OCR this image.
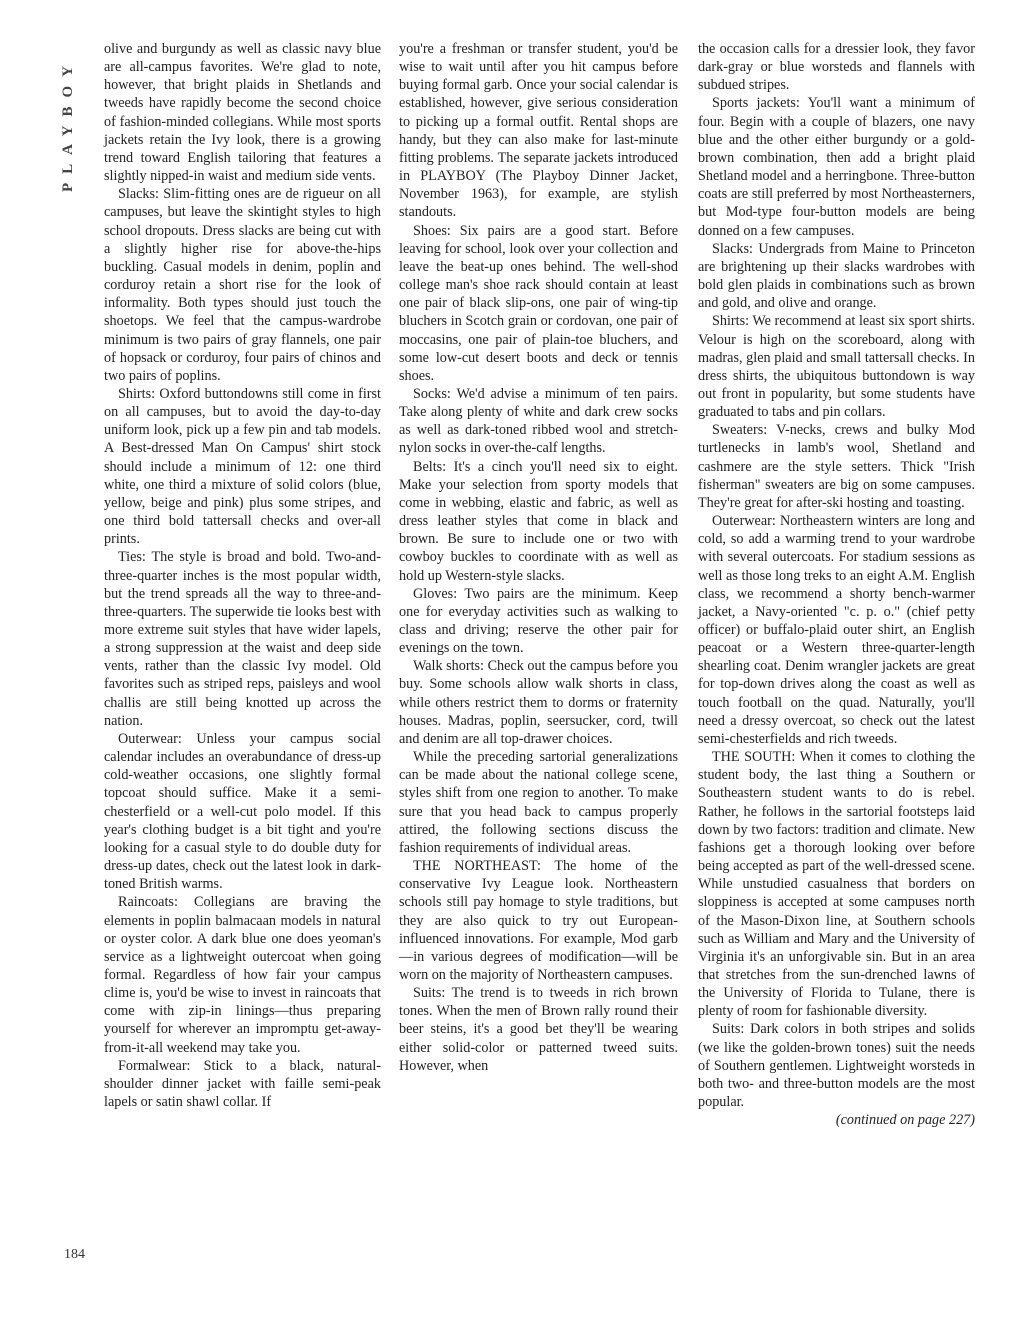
PLAYBOY

olive and burgundy as well as classic navy blue are all-campus favorites. We're glad to note, however, that bright plaids in Shetlands and tweeds have rapidly become the second choice of fashion-minded collegians. While most sports jackets retain the Ivy look, there is a growing trend toward English tailoring that features a slightly nipped-in waist and medium side vents.

Slacks: Slim-fitting ones are de rigueur on all campuses, but leave the skintight styles to high school dropouts. Dress slacks are being cut with a slightly higher rise for above-the-hips buckling. Casual models in denim, poplin and corduroy retain a short rise for the look of informality. Both types should just touch the shoetops. We feel that the campus-wardrobe minimum is two pairs of gray flannels, one pair of hopsack or corduroy, four pairs of chinos and two pairs of poplins.

Shirts: Oxford buttondowns still come in first on all campuses, but to avoid the day-to-day uniform look, pick up a few pin and tab models. A Best-dressed Man On Campus' shirt stock should include a minimum of 12: one third white, one third a mixture of solid colors (blue, yellow, beige and pink) plus some stripes, and one third bold tattersall checks and over-all prints.

Ties: The style is broad and bold. Two-and-three-quarter inches is the most popular width, but the trend spreads all the way to three-and-three-quarters. The superwide tie looks best with more extreme suit styles that have wider lapels, a strong suppression at the waist and deep side vents, rather than the classic Ivy model. Old favorites such as striped reps, paisleys and wool challis are still being knotted up across the nation.

Outerwear: Unless your campus social calendar includes an overabundance of dress-up cold-weather occasions, one slightly formal topcoat should suffice. Make it a semi-chesterfield or a well-cut polo model. If this year's clothing budget is a bit tight and you're looking for a casual style to do double duty for dress-up dates, check out the latest look in dark-toned British warms.

Raincoats: Collegians are braving the elements in poplin balmacaan models in natural or oyster color. A dark blue one does yeoman's service as a lightweight outercoat when going formal. Regardless of how fair your campus clime is, you'd be wise to invest in raincoats that come with zip-in linings—thus preparing yourself for wherever an impromptu get-away-from-it-all weekend may take you.

Formalwear: Stick to a black, natural-shoulder dinner jacket with faille semi-peak lapels or satin shawl collar. If

you're a freshman or transfer student, you'd be wise to wait until after you hit campus before buying formal garb. Once your social calendar is established, however, give serious consideration to picking up a formal outfit. Rental shops are handy, but they can also make for last-minute fitting problems. The separate jackets introduced in PLAYBOY (The Playboy Dinner Jacket, November 1963), for example, are stylish standouts.

Shoes: Six pairs are a good start. Before leaving for school, look over your collection and leave the beat-up ones behind. The well-shod college man's shoe rack should contain at least one pair of black slip-ons, one pair of wing-tip bluchers in Scotch grain or cordovan, one pair of moccasins, one pair of plain-toe bluchers, and some low-cut desert boots and deck or tennis shoes.

Socks: We'd advise a minimum of ten pairs. Take along plenty of white and dark crew socks as well as dark-toned ribbed wool and stretch-nylon socks in over-the-calf lengths.

Belts: It's a cinch you'll need six to eight. Make your selection from sporty models that come in webbing, elastic and fabric, as well as dress leather styles that come in black and brown. Be sure to include one or two with cowboy buckles to coordinate with as well as hold up Western-style slacks.

Gloves: Two pairs are the minimum. Keep one for everyday activities such as walking to class and driving; reserve the other pair for evenings on the town.

Walk shorts: Check out the campus before you buy. Some schools allow walk shorts in class, while others restrict them to dorms or fraternity houses. Madras, poplin, seersucker, cord, twill and denim are all top-drawer choices.

While the preceding sartorial generalizations can be made about the national college scene, styles shift from one region to another. To make sure that you head back to campus properly attired, the following sections discuss the fashion requirements of individual areas.

THE NORTHEAST: The home of the conservative Ivy League look. Northeastern schools still pay homage to style traditions, but they are also quick to try out European-influenced innovations. For example, Mod garb—in various degrees of modification—will be worn on the majority of Northeastern campuses.

Suits: The trend is to tweeds in rich brown tones. When the men of Brown rally round their beer steins, it's a good bet they'll be wearing either solid-color or patterned tweed suits. However, when

the occasion calls for a dressier look, they favor dark-gray or blue worsteds and flannels with subdued stripes.

Sports jackets: You'll want a minimum of four. Begin with a couple of blazers, one navy blue and the other either burgundy or a gold-brown combination, then add a bright plaid Shetland model and a herringbone. Three-button coats are still preferred by most Northeasterners, but Mod-type four-button models are being donned on a few campuses.

Slacks: Undergrads from Maine to Princeton are brightening up their slacks wardrobes with bold glen plaids in combinations such as brown and gold, and olive and orange.

Shirts: We recommend at least six sport shirts. Velour is high on the scoreboard, along with madras, glen plaid and small tattersall checks. In dress shirts, the ubiquitous buttondown is way out front in popularity, but some students have graduated to tabs and pin collars.

Sweaters: V-necks, crews and bulky Mod turtlenecks in lamb's wool, Shetland and cashmere are the style setters. Thick "Irish fisherman" sweaters are big on some campuses. They're great for after-ski hosting and toasting.

Outerwear: Northeastern winters are long and cold, so add a warming trend to your wardrobe with several outercoats. For stadium sessions as well as those long treks to an eight A.M. English class, we recommend a shorty bench-warmer jacket, a Navy-oriented "c. p. o." (chief petty officer) or buffalo-plaid outer shirt, an English peacoat or a Western three-quarter-length shearling coat. Denim wrangler jackets are great for top-down drives along the coast as well as touch football on the quad. Naturally, you'll need a dressy overcoat, so check out the latest semi-chesterfields and rich tweeds.

THE SOUTH: When it comes to clothing the student body, the last thing a Southern or Southeastern student wants to do is rebel. Rather, he follows in the sartorial footsteps laid down by two factors: tradition and climate. New fashions get a thorough looking over before being accepted as part of the well-dressed scene. While unstudied casualness that borders on sloppiness is accepted at some campuses north of the Mason-Dixon line, at Southern schools such as William and Mary and the University of Virginia it's an unforgivable sin. But in an area that stretches from the sun-drenched lawns of the University of Florida to Tulane, there is plenty of room for fashionable diversity.

Suits: Dark colors in both stripes and solids (we like the golden-brown tones) suit the needs of Southern gentlemen. Lightweight worsteds in both two- and three-button models are the most popular.

(continued on page 227)

184
